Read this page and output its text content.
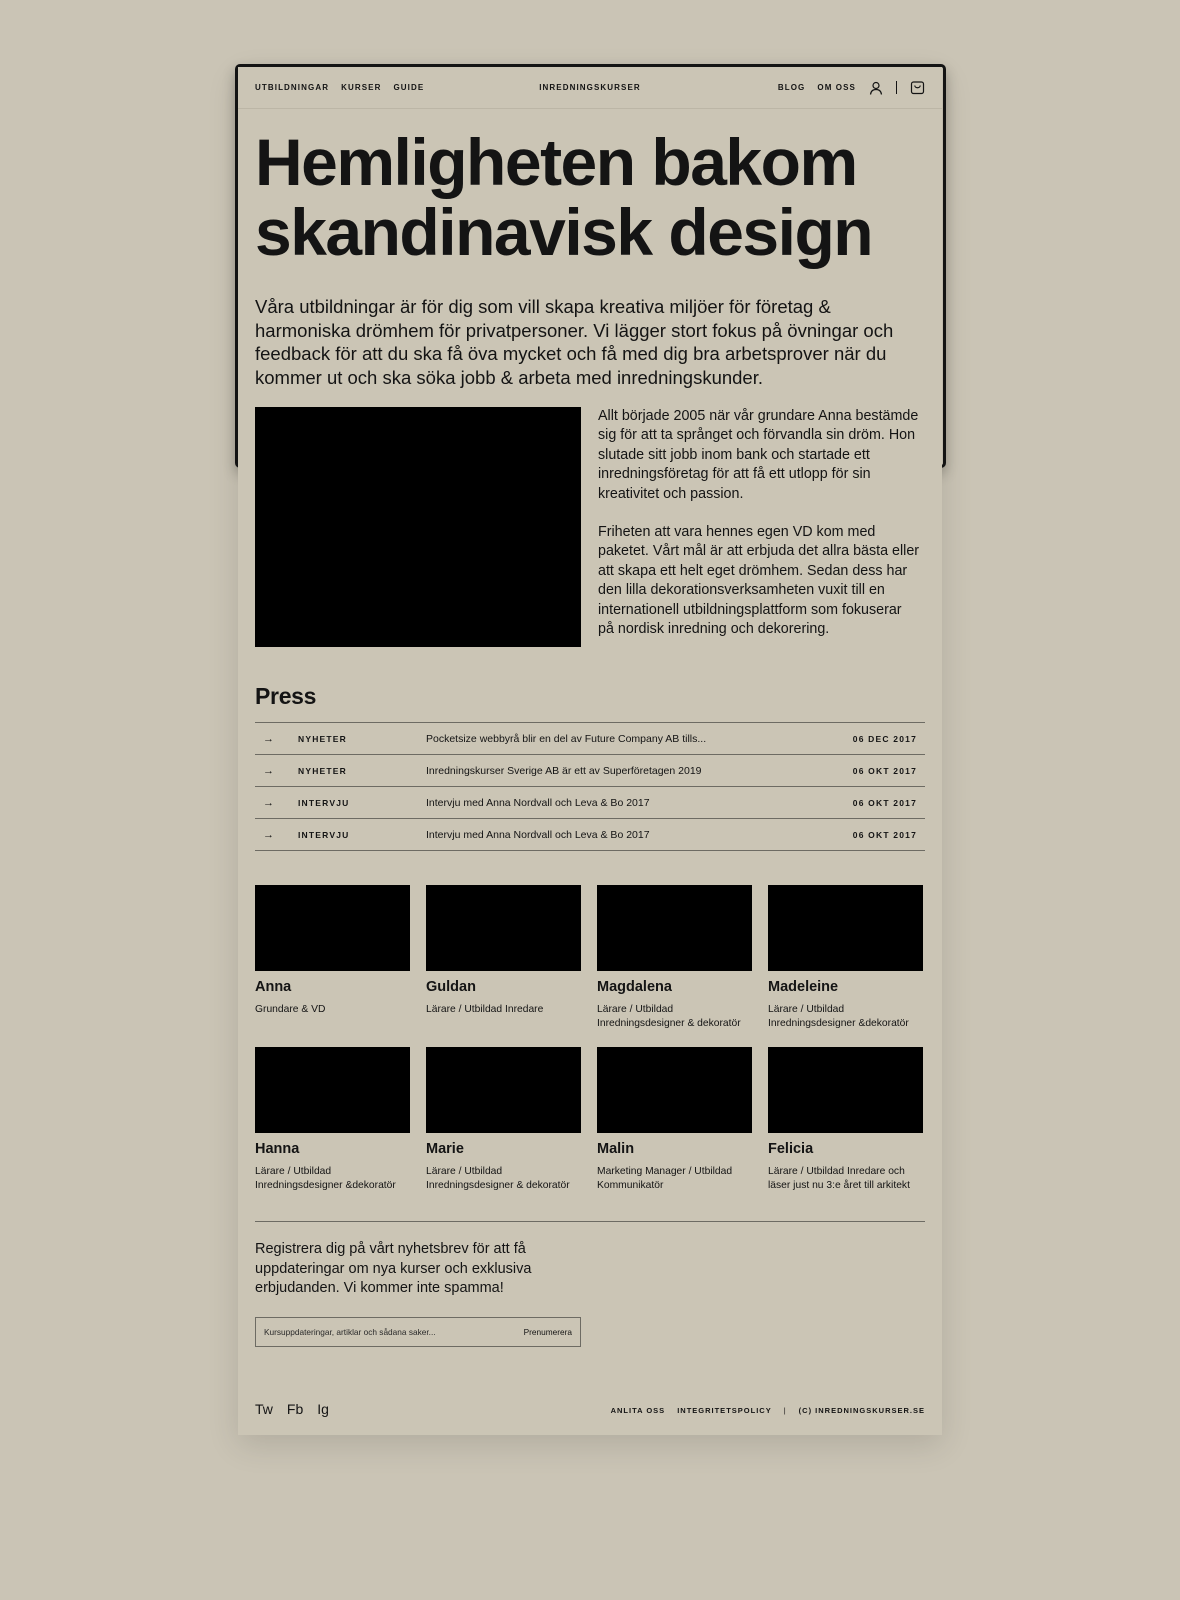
UTBILDNINGAR KURSER GUIDE	INREDNINGSKURSER	BLOG OM OSS
Hemligheten bakom
skandinavisk design

Våra utbildningar är för dig som vill skapa kreativa miljöer för företag & harmoniska drömhem för privatpersoner. Vi lägger stort fokus på övningar och feedback för att du ska få öva mycket och få med dig bra arbetsprover när du kommer ut och ska söka jobb & arbeta med inredningskunder.

Allt började 2005 när vår grundare Anna bestämde sig för att ta språnget och förvandla sin dröm. Hon slutade sitt jobb inom bank och startade ett inredningsföretag för att få ett utlopp för sin kreativitet och passion.

Friheten att vara hennes egen VD kom med paketet. Vårt mål är att erbjuda det allra bästa eller att skapa ett helt eget drömhem. Sedan dess har den lilla dekorationsverksamheten vuxit till en internationell utbildningsplattform som fokuserar på nordisk inredning och dekorering.

Press
→	NYHETER	Pocketsize webbyrå blir en del av Future Company AB tills...	06 DEC 2017
→	NYHETER	Inredningskurser Sverige AB är ett av Superföretagen 2019	06 OKT 2017
→	INTERVJU	Intervju med Anna Nordvall och Leva & Bo 2017	06 OKT 2017
→	INTERVJU	Intervju med Anna Nordvall och Leva & Bo 2017	06 OKT 2017
Anna
Grundare & VD
Guldan
Lärare / Utbildad Inredare
Magdalena
Lärare / Utbildad Inredningsdesigner & dekoratör
Madeleine
Lärare / Utbildad Inredningsdesigner &dekoratör
Hanna
Lärare / Utbildad Inredningsdesigner &dekoratör
Marie
Lärare / Utbildad Inredningsdesigner & dekoratör
Malin
Marketing Manager / Utbildad Kommunikatör
Felicia
Lärare / Utbildad Inredare och läser just nu 3:e året till arkitekt

Registrera dig på vårt nyhetsbrev för att få uppdateringar om nya kurser och exklusiva erbjudanden. Vi kommer inte spamma!

Kursuppdateringar, artiklar och sådana saker...
Prenumerera
Tw Fb Ig	ANLITA OSS INTEGRITETSPOLICY | (C) INREDNINGSKURSER.SE
